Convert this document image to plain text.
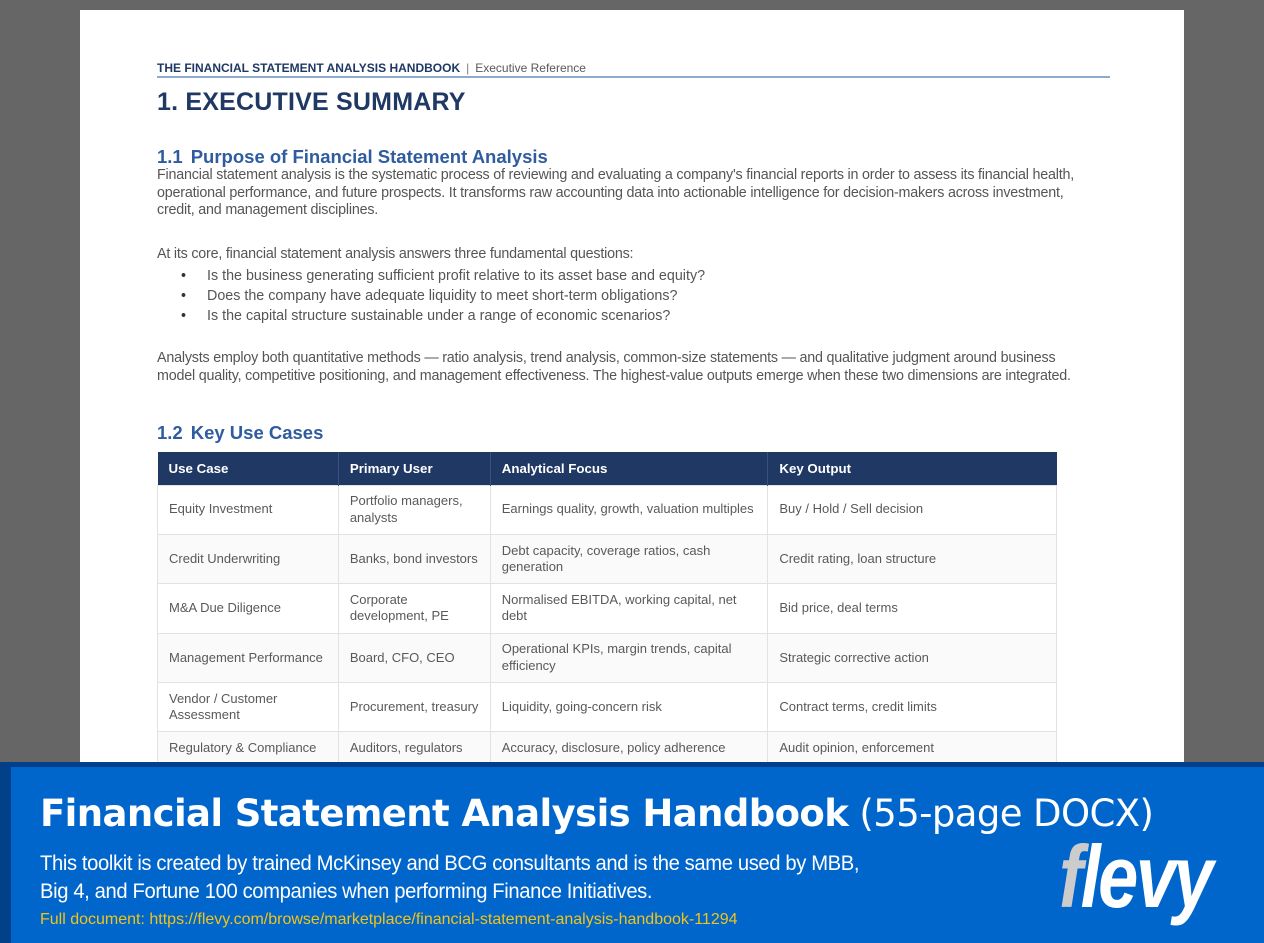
THE FINANCIAL STATEMENT ANALYSIS HANDBOOK | Executive Reference
1. EXECUTIVE SUMMARY
1.1 Purpose of Financial Statement Analysis

Financial statement analysis is the systematic process of reviewing and evaluating a company's financial reports in order to assess its financial health, operational performance, and future prospects. It transforms raw accounting data into actionable intelligence for decision-makers across investment, credit, and management disciplines.

At its core, financial statement analysis answers three fundamental questions:

• Is the business generating sufficient profit relative to its asset base and equity?
• Does the company have adequate liquidity to meet short-term obligations?
• Is the capital structure sustainable under a range of economic scenarios?

Analysts employ both quantitative methods — ratio analysis, trend analysis, common-size statements — and qualitative judgment around business model quality, competitive positioning, and management effectiveness. The highest-value outputs emerge when these two dimensions are integrated.

1.2 Key Use Cases
Use Case	Primary User	Analytical Focus	Key Output
Equity Investment	Portfolio managers, analysts	Earnings quality, growth, valuation multiples	Buy / Hold / Sell decision
Credit Underwriting	Banks, bond investors	Debt capacity, coverage ratios, cash generation	Credit rating, loan structure
M&A Due Diligence	Corporate development, PE	Normalised EBITDA, working capital, net debt	Bid price, deal terms
Management Performance	Board, CFO, CEO	Operational KPIs, margin trends, capital efficiency	Strategic corrective action
Vendor / Customer Assessment	Procurement, treasury	Liquidity, going-concern risk	Contract terms, credit limits
Regulatory & Compliance	Auditors, regulators	Accuracy, disclosure, policy adherence	Audit opinion, enforcement
Financial Statement Analysis Handbook (55-page DOCX)
This toolkit is created by trained McKinsey and BCG consultants and is the same used by MBB,
Big 4, and Fortune 100 companies when performing Finance Initiatives.
Full document: https://flevy.com/browse/marketplace/financial-statement-analysis-handbook-11294	flevy
